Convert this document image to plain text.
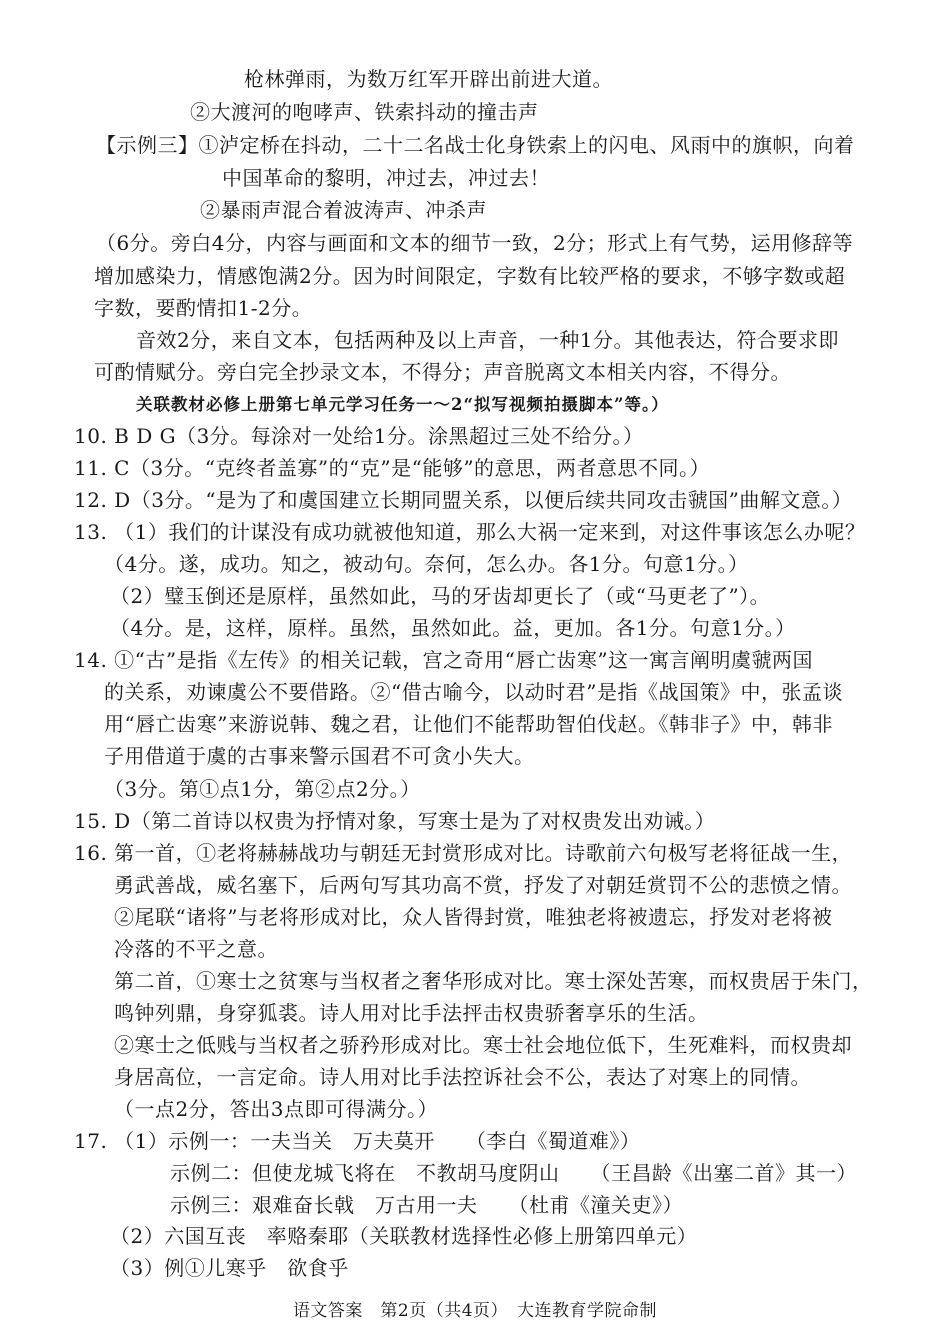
枪林弹雨，为数万红军开辟出前进大道。
②大渡河的咆哮声、铁索抖动的撞击声
【示例三】①泸定桥在抖动，二十二名战士化身铁索上的闪电、风雨中的旗帜，向着
中国革命的黎明，冲过去，冲过去！
②暴雨声混合着波涛声、冲杀声
（6分。旁白4分，内容与画面和文本的细节一致，2分；形式上有气势，运用修辞等
增加感染力，情感饱满2分。因为时间限定，字数有比较严格的要求，不够字数或超
字数，要酌情扣1-2分。
音效2分，来自文本，包括两种及以上声音，一种1分。其他表达，符合要求即
可酌情赋分。旁白完全抄录文本，不得分；声音脱离文本相关内容，不得分。
关联教材必修上册第七单元学习任务一～2“拟写视频拍摄脚本”等。）
10. B D G（3分。每涂对一处给1分。涂黑超过三处不给分。）
11. C（3分。“克终者盖寡”的“克”是“能够”的意思，两者意思不同。）
12. D（3分。“是为了和虞国建立长期同盟关系，以便后续共同攻击虢国”曲解文意。）
13. （1）我们的计谋没有成功就被他知道，那么大祸一定来到，对这件事该怎么办呢？
（4分。遂，成功。知之，被动句。奈何，怎么办。各1分。句意1分。）
（2）璧玉倒还是原样，虽然如此，马的牙齿却更长了（或“马更老了”）。
（4分。是，这样，原样。虽然，虽然如此。益，更加。各1分。句意1分。）
14. ①“古”是指《左传》的相关记载，宫之奇用“唇亡齿寒”这一寓言阐明虞虢两国
的关系，劝谏虞公不要借路。②“借古喻今，以动时君”是指《战国策》中，张孟谈
用“唇亡齿寒”来游说韩、魏之君，让他们不能帮助智伯伐赵。《韩非子》中，韩非
子用借道于虞的古事来警示国君不可贪小失大。
（3分。第①点1分，第②点2分。）
15. D（第二首诗以权贵为抒情对象，写寒士是为了对权贵发出劝诫。）
16. 第一首，①老将赫赫战功与朝廷无封赏形成对比。诗歌前六句极写老将征战一生，
勇武善战，威名塞下，后两句写其功高不赏，抒发了对朝廷赏罚不公的悲愤之情。
②尾联“诸将”与老将形成对比，众人皆得封赏，唯独老将被遗忘，抒发对老将被
冷落的不平之意。
第二首，①寒士之贫寒与当权者之奢华形成对比。寒士深处苦寒，而权贵居于朱门，
鸣钟列鼎，身穿狐裘。诗人用对比手法抨击权贵骄奢享乐的生活。
②寒士之低贱与当权者之骄矜形成对比。寒士社会地位低下，生死难料，而权贵却
身居高位，一言定命。诗人用对比手法控诉社会不公，表达了对寒上的同情。
（一点2分，答出3点即可得满分。）
17. （1）示例一：一夫当关　万夫莫开　　（李白《蜀道难》）
示例二：但使龙城飞将在　不教胡马度阴山　　（王昌龄《出塞二首》其一）
示例三：艰难奋长戟　万古用一夫　　（杜甫《潼关吏》）
（2）六国互丧　率赂秦耶（关联教材选择性必修上册第四单元）
（3）例①儿寒乎　欲食乎
语文答案　第2页（共4页）　大连教育学院命制
